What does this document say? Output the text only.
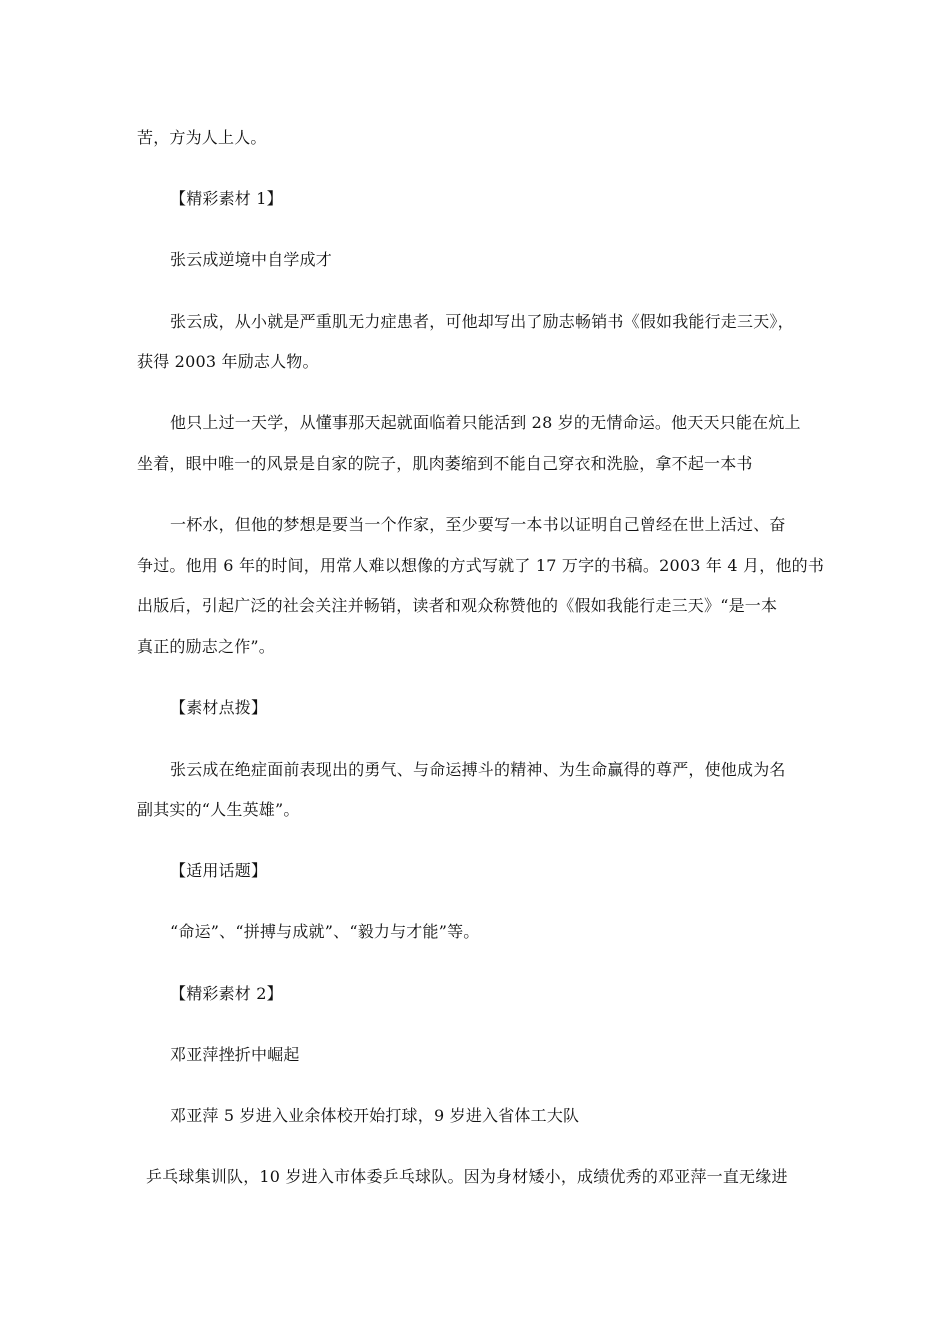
苦，方为人上人。
【精彩素材 1】
张云成逆境中自学成才
张云成，从小就是严重肌无力症患者，可他却写出了励志畅销书《假如我能行走三天》，
获得 2003 年励志人物。
他只上过一天学，从懂事那天起就面临着只能活到 28 岁的无情命运。他天天只能在炕上
坐着，眼中唯一的风景是自家的院子，肌肉萎缩到不能自己穿衣和洗脸，拿不起一本书
一杯水，但他的梦想是要当一个作家，至少要写一本书以证明自己曾经在世上活过、奋
争过。他用 6 年的时间，用常人难以想像的方式写就了 17 万字的书稿。2003 年 4 月，他的书
出版后，引起广泛的社会关注并畅销，读者和观众称赞他的《假如我能行走三天》“是一本
真正的励志之作”。
【素材点拨】
张云成在绝症面前表现出的勇气、与命运搏斗的精神、为生命赢得的尊严，使他成为名
副其实的“人生英雄”。
【适用话题】
“命运”、“拼搏与成就”、“毅力与才能”等。
【精彩素材 2】
邓亚萍挫折中崛起
邓亚萍 5 岁进入业余体校开始打球，9 岁进入省体工大队
乒乓球集训队，10 岁进入市体委乒乓球队。因为身材矮小，成绩优秀的邓亚萍一直无缘进
